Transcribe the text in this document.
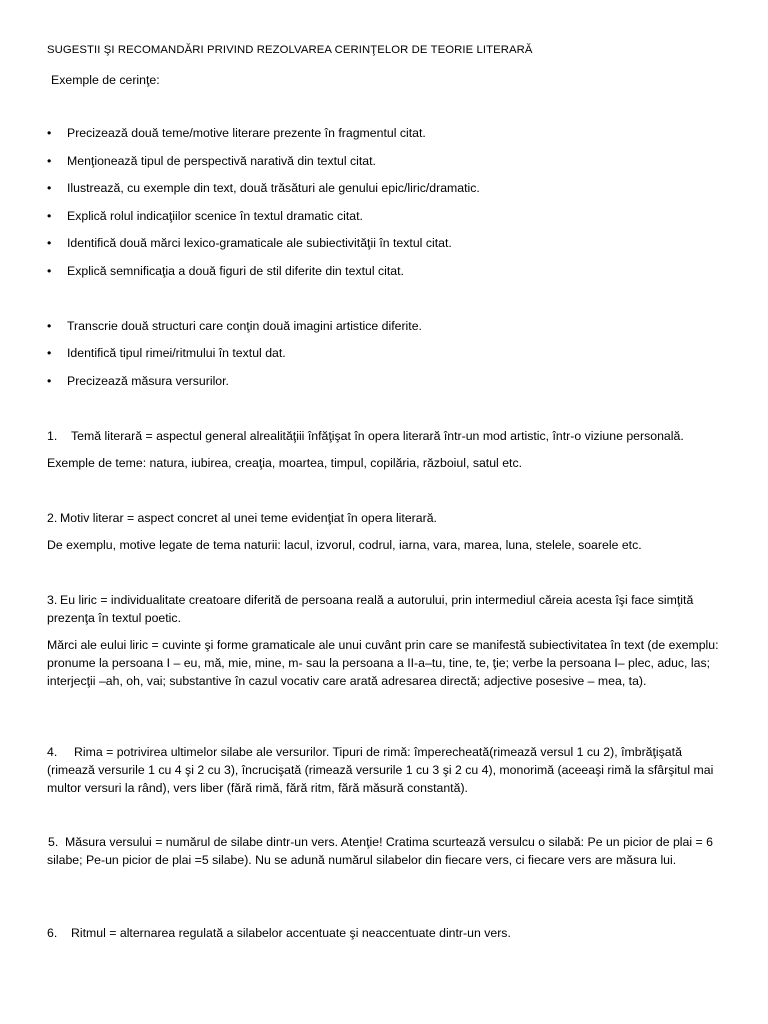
SUGESTII ŞI RECOMANDĂRI PRIVIND REZOLVAREA CERINŢELOR DE TEORIE LITERARĂ

Exemple de cerinţe:

• Precizează două teme/motive literare prezente în fragmentul citat.
• Menţionează tipul de perspectivă narativă din textul citat.
• Ilustrează, cu exemple din text, două trăsături ale genului epic/liric/dramatic.
• Explică rolul indicaţiilor scenice în textul dramatic citat.
• Identifică două mărci lexico-gramaticale ale subiectivităţii în textul citat.
• Explică semnificaţia a două figuri de stil diferite din textul citat.
• Transcrie două structuri care conţin două imagini artistice diferite.
• Identifică tipul rimei/ritmului în textul dat.
• Precizează măsura versurilor.

1. Temă literară = aspectul general alrealităţiii înfăţişat în opera literară într-un mod artistic, într-o viziune personală.

Exemple de teme: natura, iubirea, creaţia, moartea, timpul, copilăria, războiul, satul etc.

2. Motiv literar = aspect concret al unei teme evidenţiat în opera literară.

De exemplu, motive legate de tema naturii: lacul, izvorul, codrul, iarna, vara, marea, luna, stelele, soarele etc.

3. Eu liric = individualitate creatoare diferită de persoana reală a autorului, prin intermediul căreia acesta îşi face simţită prezenţa în textul poetic.

Mărci ale eului liric = cuvinte şi forme gramaticale ale unui cuvânt prin care se manifestă subiectivitatea în text (de exemplu: pronume la persoana I – eu, mă, mie, mine, m- sau la persoana a II-a–tu, tine, te, ţie; verbe la persoana I– plec, aduc, las; interjecţii –ah, oh, vai; substantive în cazul vocativ care arată adresarea directă; adjective posesive – mea, ta).

4. Rima = potrivirea ultimelor silabe ale versurilor. Tipuri de rimă: împerecheată(rimează versul 1 cu 2), îmbrăţişată (rimează versurile 1 cu 4 şi 2 cu 3), încrucişată (rimează versurile 1 cu 3 şi 2 cu 4), monorimă (aceeaşi rimă la sfârşitul mai multor versuri la rând), vers liber (fără rimă, fără ritm, fără măsură constantă).

5. Măsura versului = numărul de silabe dintr-un vers. Atenţie! Cratima scurtează versulcu o silabă: Pe un picior de plai = 6 silabe; Pe-un picior de plai =5 silabe). Nu se adună numărul silabelor din fiecare vers, ci fiecare vers are măsura lui.

6. Ritmul = alternarea regulată a silabelor accentuate şi neaccentuate dintr-un vers.
